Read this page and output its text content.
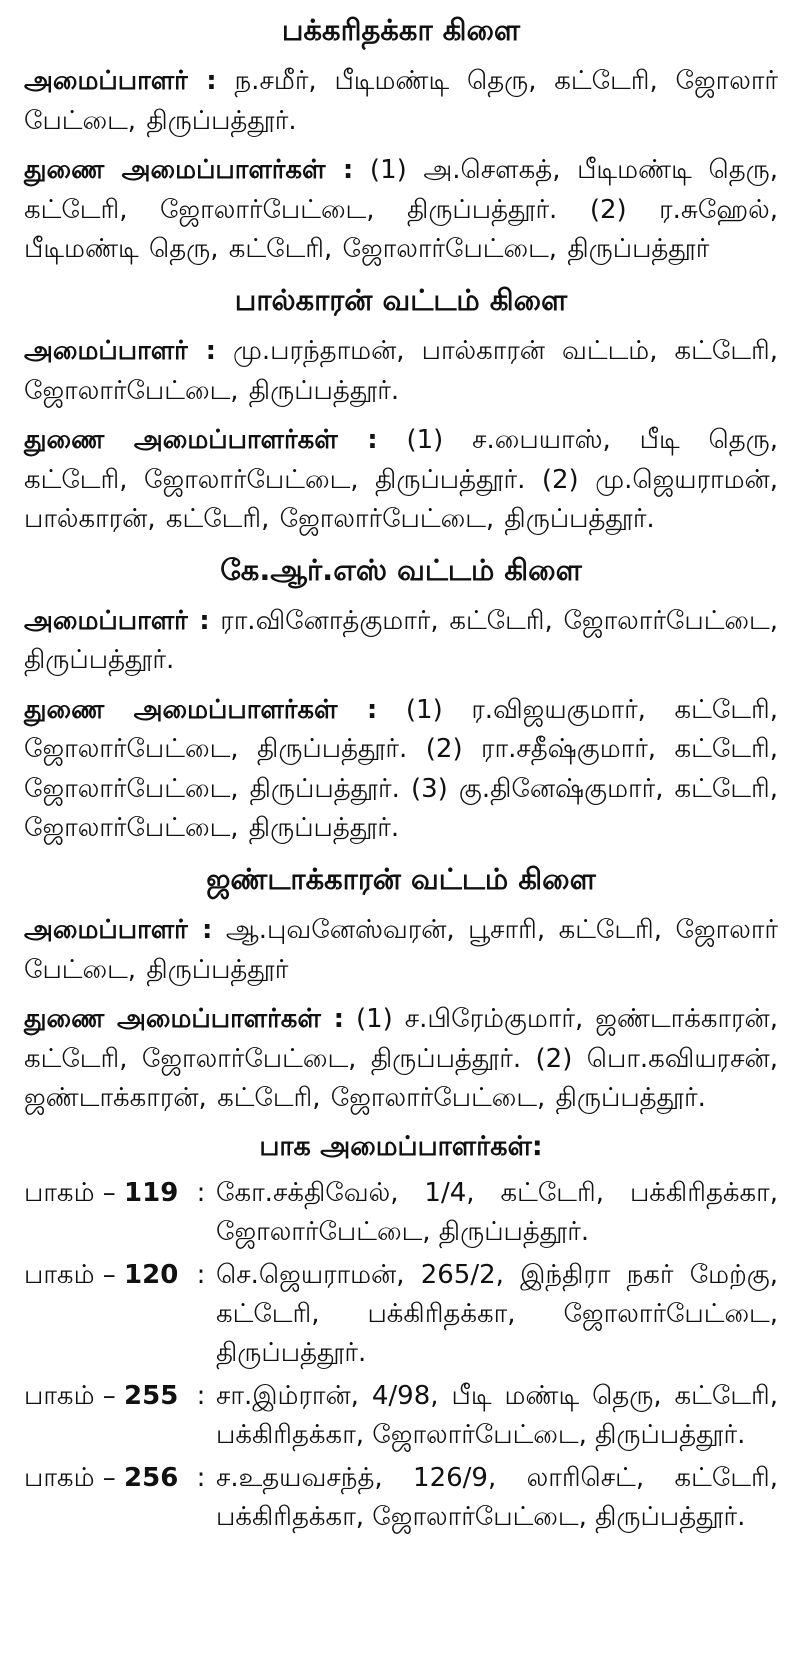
பக்கரிதக்கா கிளை

அமைப்பாளர் : ந.சமீர், பீடிமண்டி தெரு, கட்டேரி, ஜோலார் பேட்டை, திருப்பத்தூர்.

துணை அமைப்பாளர்கள் : (1) அ.சௌகத், பீடிமண்டி தெரு, கட்டேரி, ஜோலார்பேட்டை, திருப்பத்தூர். (2) ர.சுஹேல், பீடிமண்டி தெரு, கட்டேரி, ஜோலார்பேட்டை, திருப்பத்தூர்

பால்காரன் வட்டம் கிளை

அமைப்பாளர் : மு.பரந்தாமன், பால்காரன் வட்டம், கட்டேரி, ஜோலார்பேட்டை, திருப்பத்தூர்.

துணை அமைப்பாளர்கள் : (1) ச.பையாஸ், பீடி தெரு, கட்டேரி, ஜோலார்பேட்டை, திருப்பத்தூர். (2) மு.ஜெயராமன், பால்காரன், கட்டேரி, ஜோலார்பேட்டை, திருப்பத்தூர்.

கே.ஆர்.எஸ் வட்டம் கிளை

அமைப்பாளர் : ரா.வினோத்குமார், கட்டேரி, ஜோலார்பேட்டை, திருப்பத்தூர்.

துணை அமைப்பாளர்கள் : (1) ர.விஜயகுமார், கட்டேரி, ஜோலார்பேட்டை, திருப்பத்தூர். (2) ரா.சதீஷ்குமார், கட்டேரி, ஜோலார்பேட்டை, திருப்பத்தூர். (3) கு.தினேஷ்குமார், கட்டேரி, ஜோலார்பேட்டை, திருப்பத்தூர்.

ஜண்டாக்காரன் வட்டம் கிளை

அமைப்பாளர் : ஆ.புவனேஸ்வரன், பூசாரி, கட்டேரி, ஜோலார் பேட்டை, திருப்பத்தூர்

துணை அமைப்பாளர்கள் : (1) ச.பிரேம்குமார், ஜண்டாக்காரன், கட்டேரி, ஜோலார்பேட்டை, திருப்பத்தூர். (2) பொ.கவியரசன், ஜண்டாக்காரன், கட்டேரி, ஜோலார்பேட்டை, திருப்பத்தூர்.

பாக அமைப்பாளர்கள்:
பாகம் – 119	:	கோ.சக்திவேல், 1/4, கட்டேரி, பக்கிரிதக்கா, ஜோலார்பேட்டை, திருப்பத்தூர்.
பாகம் – 120	:	செ.ஜெயராமன், 265/2, இந்திரா நகர் மேற்கு, கட்டேரி, பக்கிரிதக்கா, ஜோலார்பேட்டை, திருப்பத்தூர்.
பாகம் – 255	:	சா.இம்ரான், 4/98, பீடி மண்டி தெரு, கட்டேரி, பக்கிரிதக்கா, ஜோலார்பேட்டை, திருப்பத்தூர்.
பாகம் – 256	:	ச.உதயவசந்த், 126/9, லாரிசெட், கட்டேரி, பக்கிரிதக்கா, ஜோலார்பேட்டை, திருப்பத்தூர்.
